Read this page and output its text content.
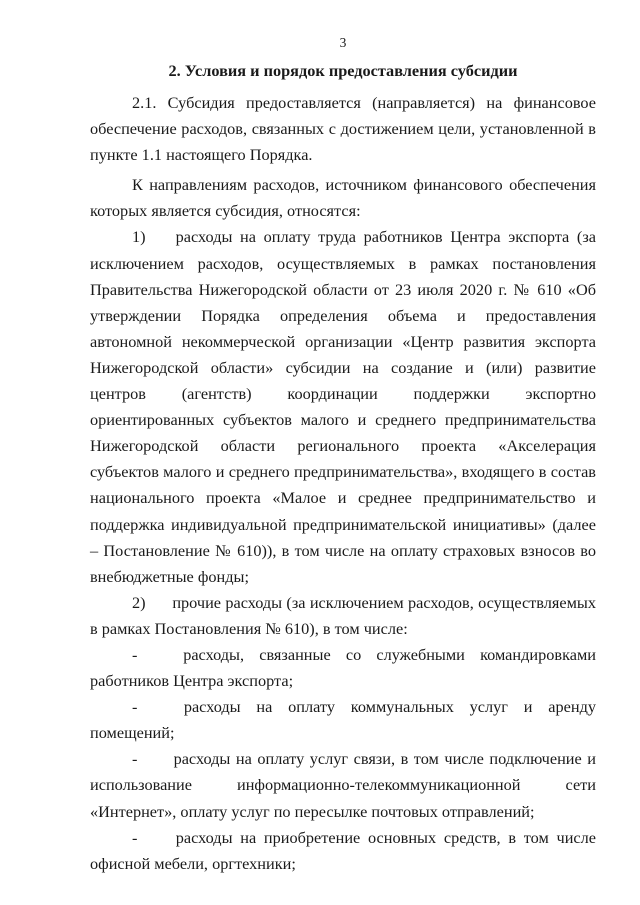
3
2. Условия и порядок предоставления субсидии

2.1. Субсидия предоставляется (направляется) на финансовое обеспечение расходов, связанных с достижением цели, установленной в пункте 1.1 настоящего Порядка.

К направлениям расходов, источником финансового обеспечения которых является субсидия, относятся:

1) расходы на оплату труда работников Центра экспорта (за исключением расходов, осуществляемых в рамках постановления Правительства Нижегородской области от 23 июля 2020 г. № 610 «Об утверждении Порядка определения объема и предоставления автономной некоммерческой организации «Центр развития экспорта Нижегородской области» субсидии на создание и (или) развитие центров (агентств) координации поддержки экспортно ориентированных субъектов малого и среднего предпринимательства Нижегородской области регионального проекта «Акселерация субъектов малого и среднего предпринимательства», входящего в состав национального проекта «Малое и среднее предпринимательство и поддержка индивидуальной предпринимательской инициативы» (далее – Постановление № 610)), в том числе на оплату страховых взносов во внебюджетные фонды;

2) прочие расходы (за исключением расходов, осуществляемых в рамках Постановления № 610), в том числе:

-	расходы, связанные со служебными командировками работников Центра экспорта;

-	расходы на оплату коммунальных услуг и аренду помещений;

- расходы на оплату услуг связи, в том числе подключение и использование информационно-телекоммуникационной сети «Интернет», оплату услуг по пересылке почтовых отправлений;

- расходы на приобретение основных средств, в том числе офисной мебели, оргтехники;
